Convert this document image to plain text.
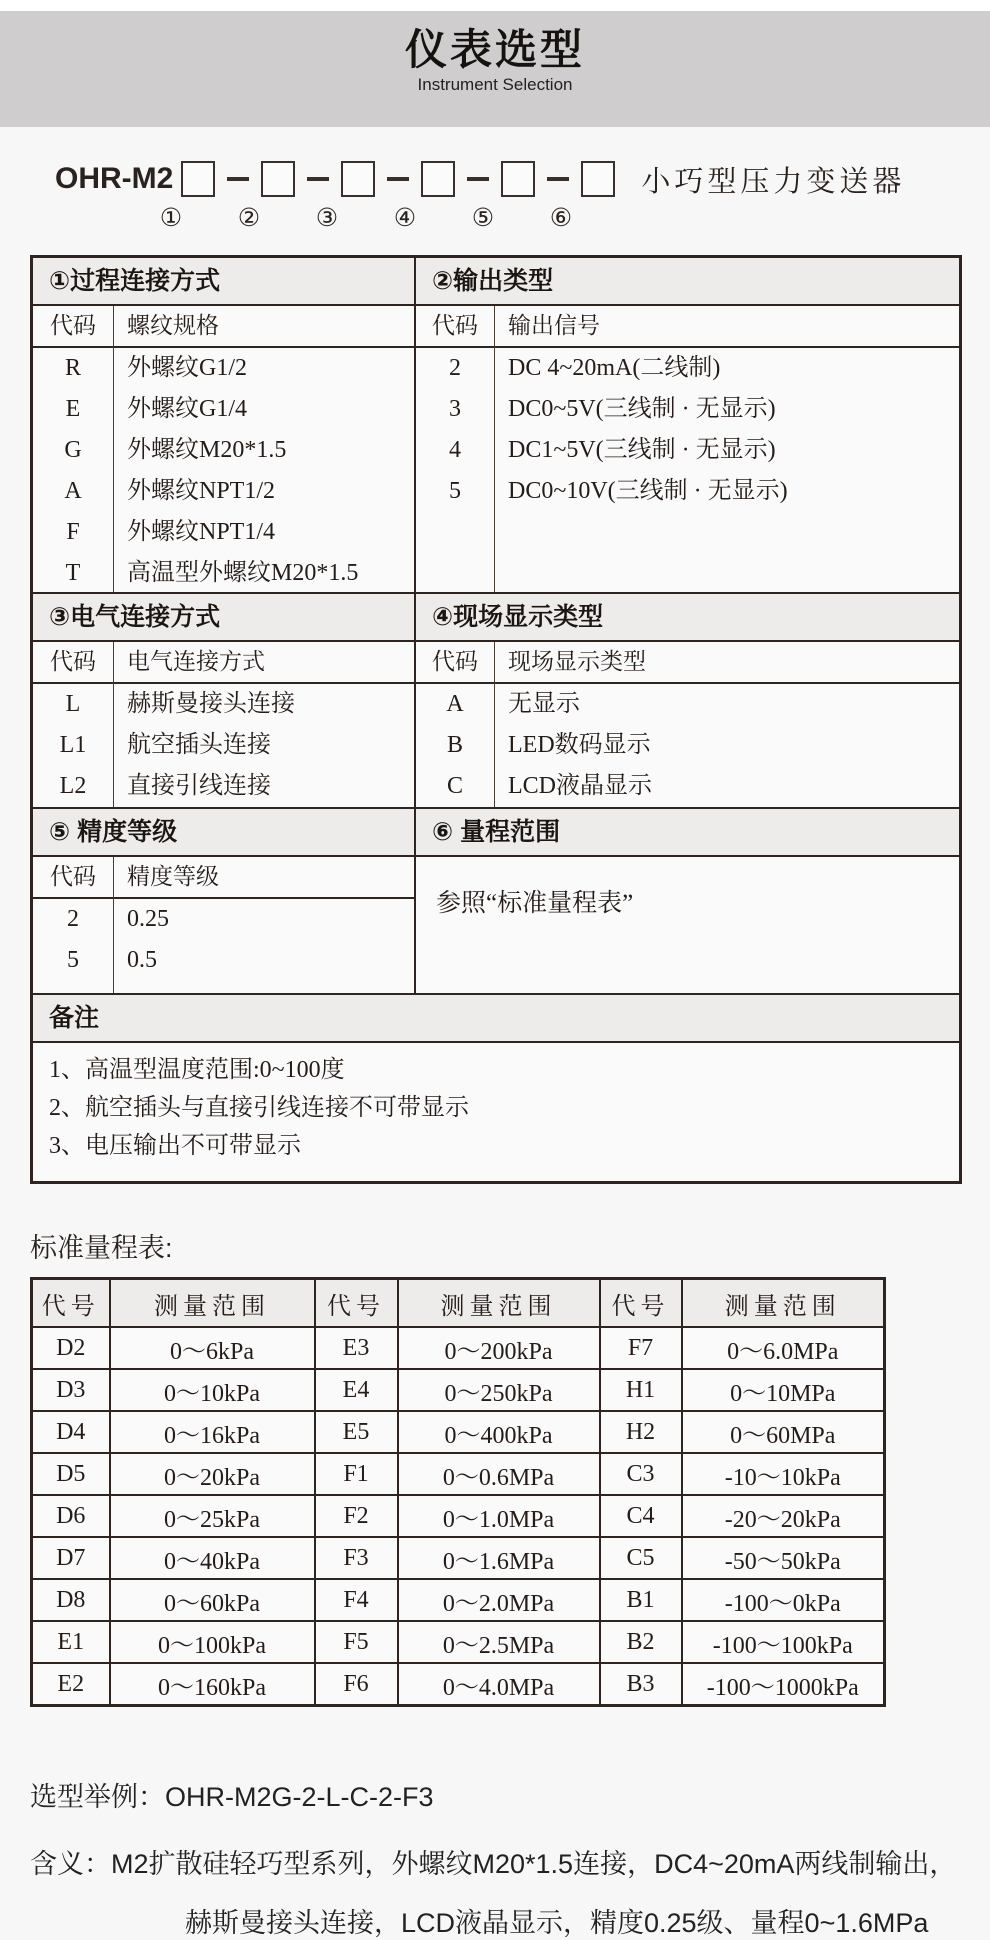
仪表选型
Instrument Selection
OHR-M2	小巧型压力变送器
①	②	③	④	⑤	⑥
①过程连接方式	②输出类型
代码	螺纹规格
R	外螺纹G1/2
E	外螺纹G1/4
G	外螺纹M20*1.5
A	外螺纹NPT1/2
F	外螺纹NPT1/4
T	高温型外螺纹M20*1.5
代码	输出信号
2	DC 4~20mA(二线制)
3	DC0~5V(三线制 · 无显示)
4	DC1~5V(三线制 · 无显示)
5	DC0~10V(三线制 · 无显示)
③电气连接方式	④现场显示类型
代码	电气连接方式
L	赫斯曼接头连接
L1	航空插头连接
L2	直接引线连接
代码	现场显示类型
A	无显示
B	LED数码显示
C	LCD液晶显示
⑤ 精度等级	⑥ 量程范围
代码	精度等级
2	0.25
5	0.5
参照“标准量程表”
备注
1、高温型温度范围:0~100度
2、航空插头与直接引线连接不可带显示
3、电压输出不可带显示
标准量程表:
代号	测量范围	代号	测量范围	代号	测量范围
D2	0～6kPa	E3	0～200kPa	F7	0～6.0MPa
D3	0～10kPa	E4	0～250kPa	H1	0～10MPa
D4	0～16kPa	E5	0～400kPa	H2	0～60MPa
D5	0～20kPa	F1	0～0.6MPa	C3	-10～10kPa
D6	0～25kPa	F2	0～1.0MPa	C4	-20～20kPa
D7	0～40kPa	F3	0～1.6MPa	C5	-50～50kPa
D8	0～60kPa	F4	0～2.0MPa	B1	-100～0kPa
E1	0～100kPa	F5	0～2.5MPa	B2	-100～100kPa
E2	0～160kPa	F6	0～4.0MPa	B3	-100～1000kPa
选型举例：OHR-M2G-2-L-C-2-F3
含义：M2扩散硅轻巧型系列，外螺纹M20*1.5连接，DC4~20mA两线制输出，
赫斯曼接头连接，LCD液晶显示，精度0.25级、量程0~1.6MPa
